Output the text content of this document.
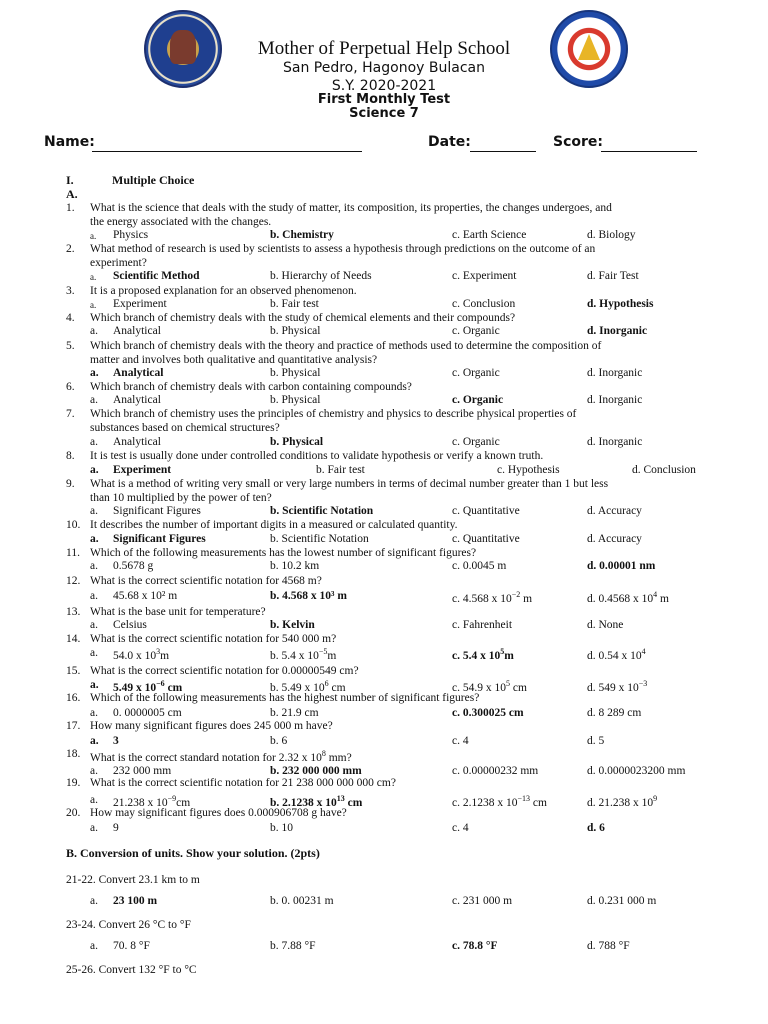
Mother of Perpetual Help School
San Pedro, Hagonoy Bulacan
S.Y. 2020-2021
First Monthly Test
Science 7
Name:	Date:	Score:
I.	Multiple Choice
A.
B. Conversion of units. Show your solution. (2pts)
1. What is the science that deals with the study of matter, its composition, its properties, the changes undergoes, and
the energy associated with the changes.
a. Physics	b. Chemistry	c. Earth Science	d. Biology
2. What method of research is used by scientists to assess a hypothesis through predictions on the outcome of an
experiment?
a. Scientific Method	b. Hierarchy of Needs	c. Experiment	d. Fair Test
3. It is a proposed explanation for an observed phenomenon.
a. Experiment	b. Fair test	c. Conclusion	d. Hypothesis
4. Which branch of chemistry deals with the study of chemical elements and their compounds?
a. Analytical	b. Physical	c. Organic	d. Inorganic
5. Which branch of chemistry deals with the theory and practice of methods used to determine the composition of
matter and involves both qualitative and quantitative analysis?
a. Analytical	b. Physical	c. Organic	d. Inorganic
6. Which branch of chemistry deals with carbon containing compounds?
a. Analytical	b. Physical	c. Organic	d. Inorganic
7. Which branch of chemistry uses the principles of chemistry and physics to describe physical properties of
substances based on chemical structures?
a. Analytical	b. Physical	c. Organic	d. Inorganic
8. It is test is usually done under controlled conditions to validate hypothesis or verify a known truth.
a. Experiment	b. Fair test	c. Hypothesis	d. Conclusion
9. What is a method of writing very small or very large numbers in terms of decimal number greater than 1 but less
than 10 multiplied by the power of ten?
a. Significant Figures	b. Scientific Notation	c. Quantitative	d. Accuracy
10. It describes the number of important digits in a measured or calculated quantity.
a. Significant Figures	b. Scientific Notation	c. Quantitative	d. Accuracy
11. Which of the following measurements has the lowest number of significant figures?
a. 0.5678 g	b. 10.2 km	c. 0.0045 m	d. 0.00001 nm
12. What is the correct scientific notation for 4568 m?
a. 45.68 x 10² m	b. 4.568 x 10³ m	c. 4.568 x $10^{-2}$ m	d. 0.4568 x $10^4$ m
13. What is the base unit for temperature?
a. Celsius	b. Kelvin	c. Fahrenheit	d. None
14. What is the correct scientific notation for 540 000 m?
a. 54.0 x $10^3m$	b. 5.4 x $10^{-5}m$	c. 5.4 x $10^5m$	d. 0.54 x $10^4$
15. What is the correct scientific notation for 0.00000549 cm?
a. 5.49 x $10^{-6}$ cm	b. 5.49 x $10^6$ cm	c. 54.9 x $10^5$ cm	d. 549 x $10^{-3}$
16. Which of the following measurements has the highest number of significant figures?
a. 0. 0000005 cm	b. 21.9 cm	c. 0.300025 cm	d. 8 289 cm
17. How many significant figures does 245 000 m have?
a. 3	b. 6	c. 4	d. 5
18. What is the correct standard notation for 2.32 x $10^8$ mm?
a. 232 000 mm	b. 232 000 000 mm	c. 0.00000232 mm	d. 0.0000023200 mm
19. What is the correct scientific notation for 21 238 000 000 000 cm?
a. 21.238 x $10^{-9}cm$	b. 2.1238 x $10^{13}$ cm	c. 2.1238 x $10^{-13}$ cm	d. 21.238 x $10^9$
20. How may significant figures does 0.000906708 g have?
a. 9	b. 10	c. 4	d. 6
21-22. Convert 23.1 km to m
a. 23 100 m	b. 0. 00231 m	c. 231 000 m	d. 0.231 000 m
23-24. Convert 26 °C to °F
a. 70. 8 °F	b. 7.88 °F	c. 78.8 °F	d. 788 °F
25-26. Convert 132 °F to °C
